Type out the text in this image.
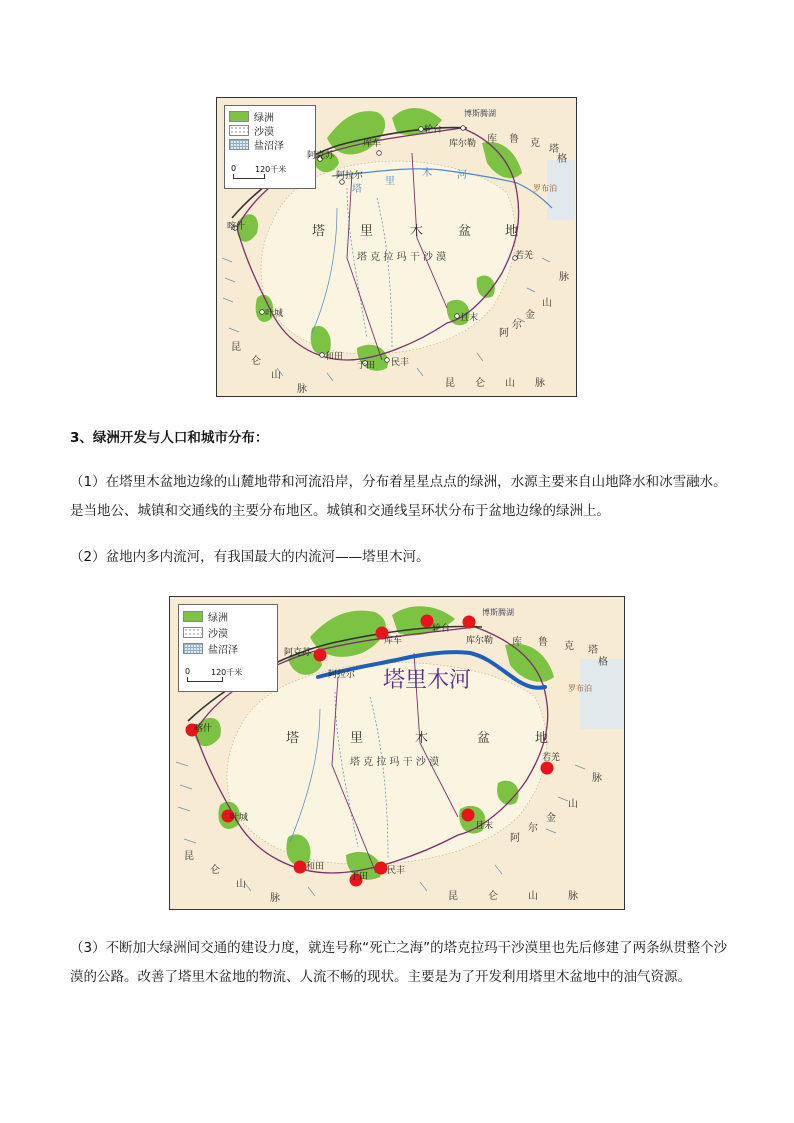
绿洲
沙漠
盐沼泽
0 120千米
博斯腾湖
罗布泊
轮台
库尔勒
库车
阿克苏
阿拉尔
喀什
若羌
叶城	且末
和田
于田 民丰
塔	里	木	盆	地
塔 克 拉 玛 干 沙 漠
库 鲁 克
塔
格
昆 仑 山 脉
昆
仑
山
脉
阿
尔
金
山
脉
塔
里
木	河
3、绿洲开发与人口和城市分布：
（1）在塔里木盆地边缘的山麓地带和河流沿岸，分布着星星点点的绿洲，水源主要来自山地降水和冰雪融水。是当地公、城镇和交通线的主要分布地区。城镇和交通线呈环状分布于盆地边缘的绿洲上。
（2）盆地内多内流河，有我国最大的内流河——塔里木河。
绿洲
沙漠
盐沼泽
0	120千米
博斯腾湖
罗布泊
轮台
库尔勒
库车
阿克苏
阿拉尔
喀什
若羌
叶城
且末
和田
于田
民丰
塔里木河
塔	里	木	盆	地
塔 克 拉 玛 干 沙 漠
库 鲁 克 塔
格
昆	仑	山	脉
昆
仑
山
脉
阿
尔
金
山
脉
（3）不断加大绿洲间交通的建设力度，就连号称“死亡之海”的塔克拉玛干沙漠里也先后修建了两条纵贯整个沙漠的公路。改善了塔里木盆地的物流、人流不畅的现状。主要是为了开发利用塔里木盆地中的油气资源。
